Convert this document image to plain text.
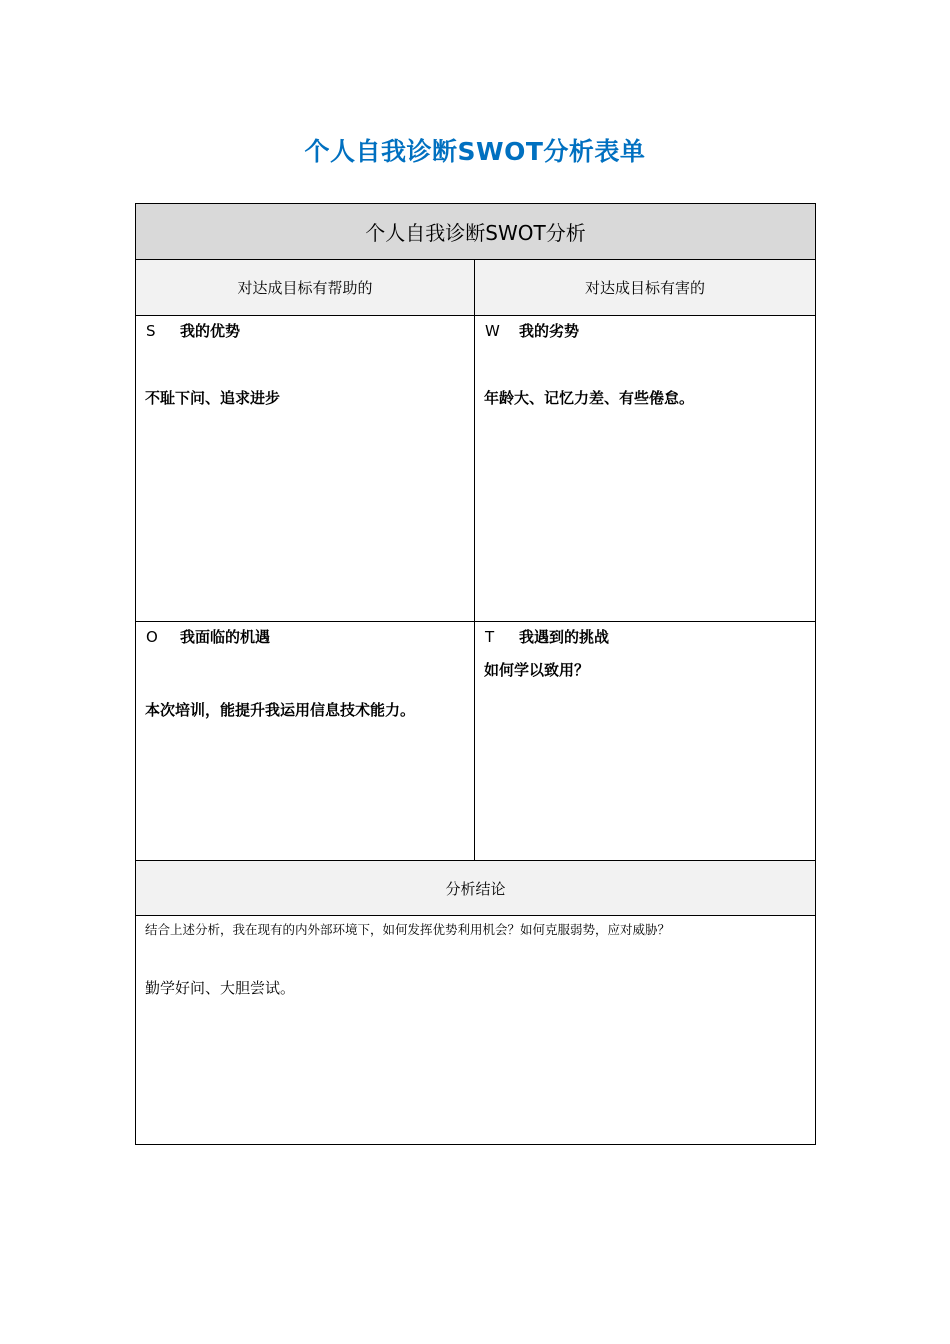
个人自我诊断SWOT分析表单
个人自我诊断SWOT分析
对达成目标有帮助的	对达成目标有害的
S 我的优势
不耻下问、追求进步
W 我的劣势
年龄大、记忆力差、有些倦怠。
O 我面临的机遇
本次培训，能提升我运用信息技术能力。
T 我遇到的挑战
如何学以致用？
分析结论
结合上述分析，我在现有的内外部环境下，如何发挥优势利用机会？如何克服弱势，应对威胁？
勤学好问、大胆尝试。
